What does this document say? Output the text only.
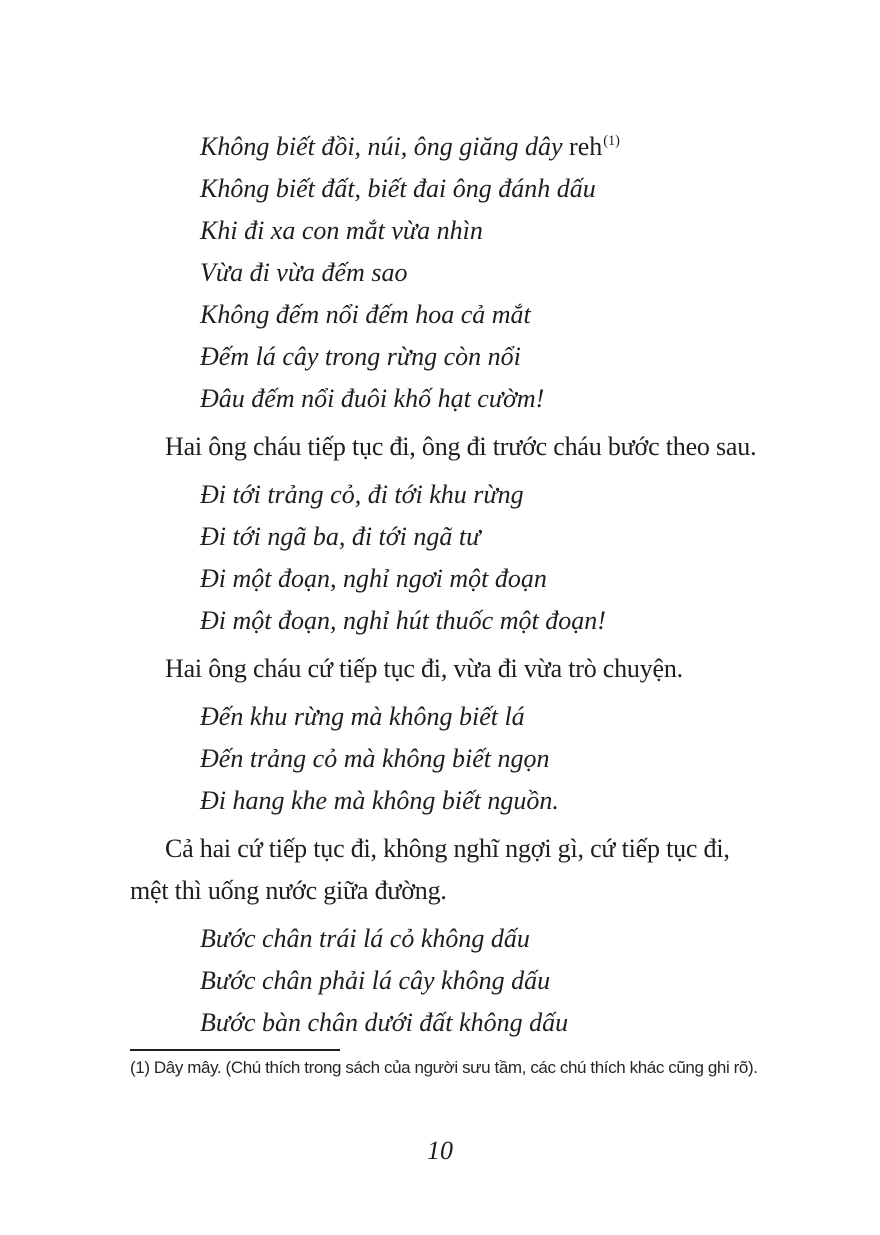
Không biết đồi, núi, ông giăng dây reh$^{(1)}$
Không biết đất, biết đai ông đánh dấu
Khi đi xa con mắt vừa nhìn
Vừa đi vừa đếm sao
Không đếm nổi đếm hoa cả mắt
Đếm lá cây trong rừng còn nổi
Đâu đếm nổi đuôi khố hạt cườm!
Hai ông cháu tiếp tục đi, ông đi trước cháu bước theo sau.
Đi tới trảng cỏ, đi tới khu rừng
Đi tới ngã ba, đi tới ngã tư
Đi một đoạn, nghỉ ngơi một đoạn
Đi một đoạn, nghỉ hút thuốc một đoạn!
Hai ông cháu cứ tiếp tục đi, vừa đi vừa trò chuyện.
Đến khu rừng mà không biết lá
Đến trảng cỏ mà không biết ngọn
Đi hang khe mà không biết nguồn.
Cả hai cứ tiếp tục đi, không nghĩ ngợi gì, cứ tiếp tục đi,
mệt thì uống nước giữa đường.
Bước chân trái lá cỏ không dấu
Bước chân phải lá cây không dấu
Bước bàn chân dưới đất không dấu
(1) Dây mây. (Chú thích trong sách của người sưu tầm, các chú thích khác cũng ghi rõ).
10
